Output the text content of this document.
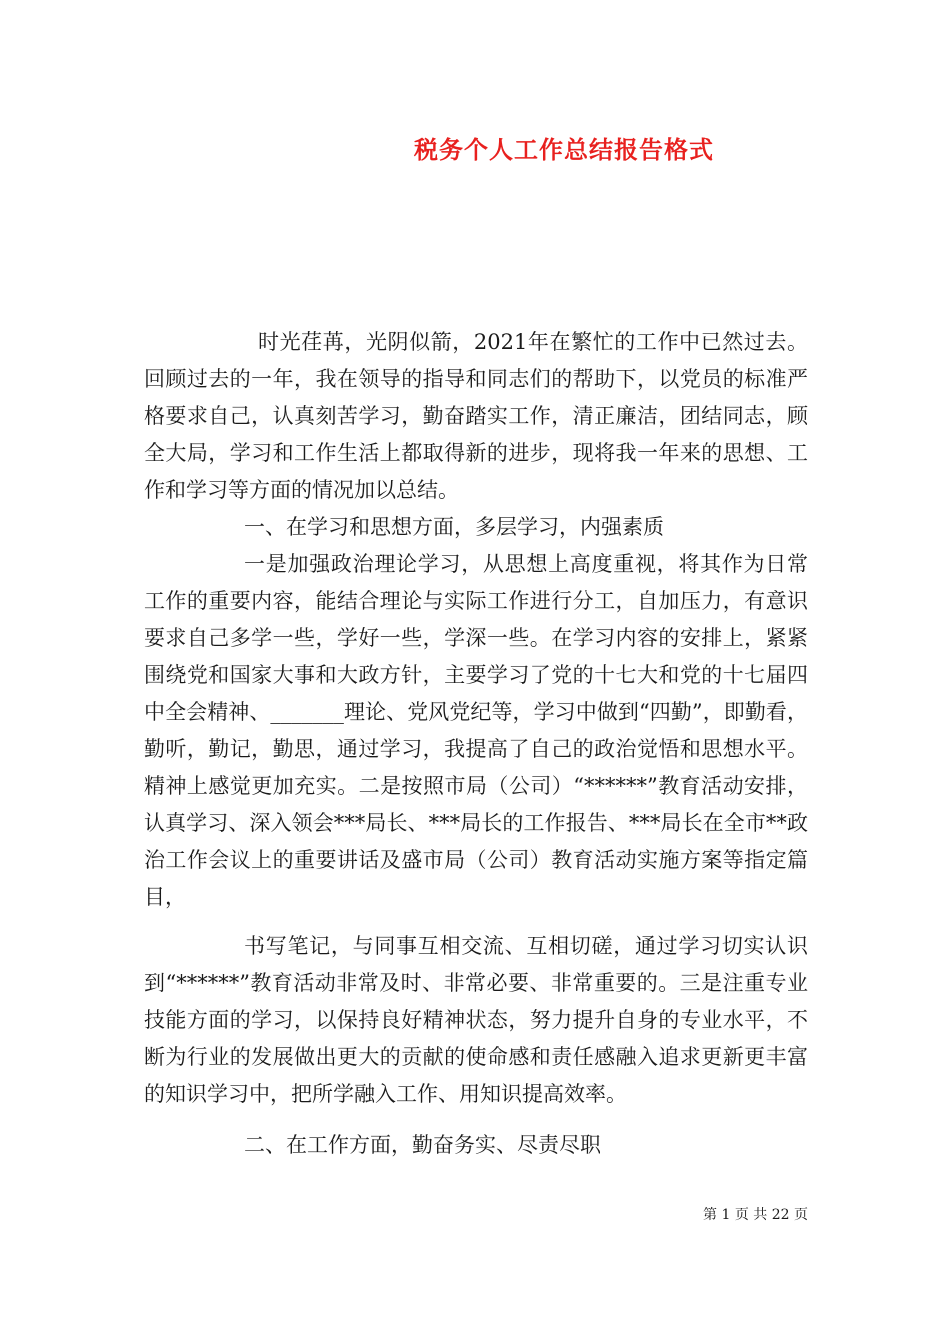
税务个人工作总结报告格式

时光荏苒，光阴似箭，2021年在繁忙的工作中已然过去。回顾过去的一年，我在领导的指导和同志们的帮助下，以党员的标准严格要求自己，认真刻苦学习，勤奋踏实工作，清正廉洁，团结同志，顾全大局，学习和工作生活上都取得新的进步，现将我一年来的思想、工作和学习等方面的情况加以总结。

一、在学习和思想方面，多层学习，内强素质

一是加强政治理论学习，从思想上高度重视，将其作为日常工作的重要内容，能结合理论与实际工作进行分工，自加压力，有意识要求自己多学一些，学好一些，学深一些。在学习内容的安排上，紧紧围绕党和国家大事和大政方针，主要学习了党的十七大和党的十七届四中全会精神、_______理论、党风党纪等，学习中做到“四勤”，即勤看，勤听，勤记，勤思，通过学习，我提高了自己的政治觉悟和思想水平。精神上感觉更加充实。二是按照市局（公司）“******”教育活动安排，认真学习、深入领会***局长、***局长的工作报告、***局长在全市**政治工作会议上的重要讲话及盛市局（公司）教育活动实施方案等指定篇目，

书写笔记，与同事互相交流、互相切磋，通过学习切实认识到“******”教育活动非常及时、非常必要、非常重要的。三是注重专业技能方面的学习，以保持良好精神状态，努力提升自身的专业水平，不断为行业的发展做出更大的贡献的使命感和责任感融入追求更新更丰富的知识学习中，把所学融入工作、用知识提高效率。

二、在工作方面，勤奋务实、尽责尽职

第 1 页 共 22 页
